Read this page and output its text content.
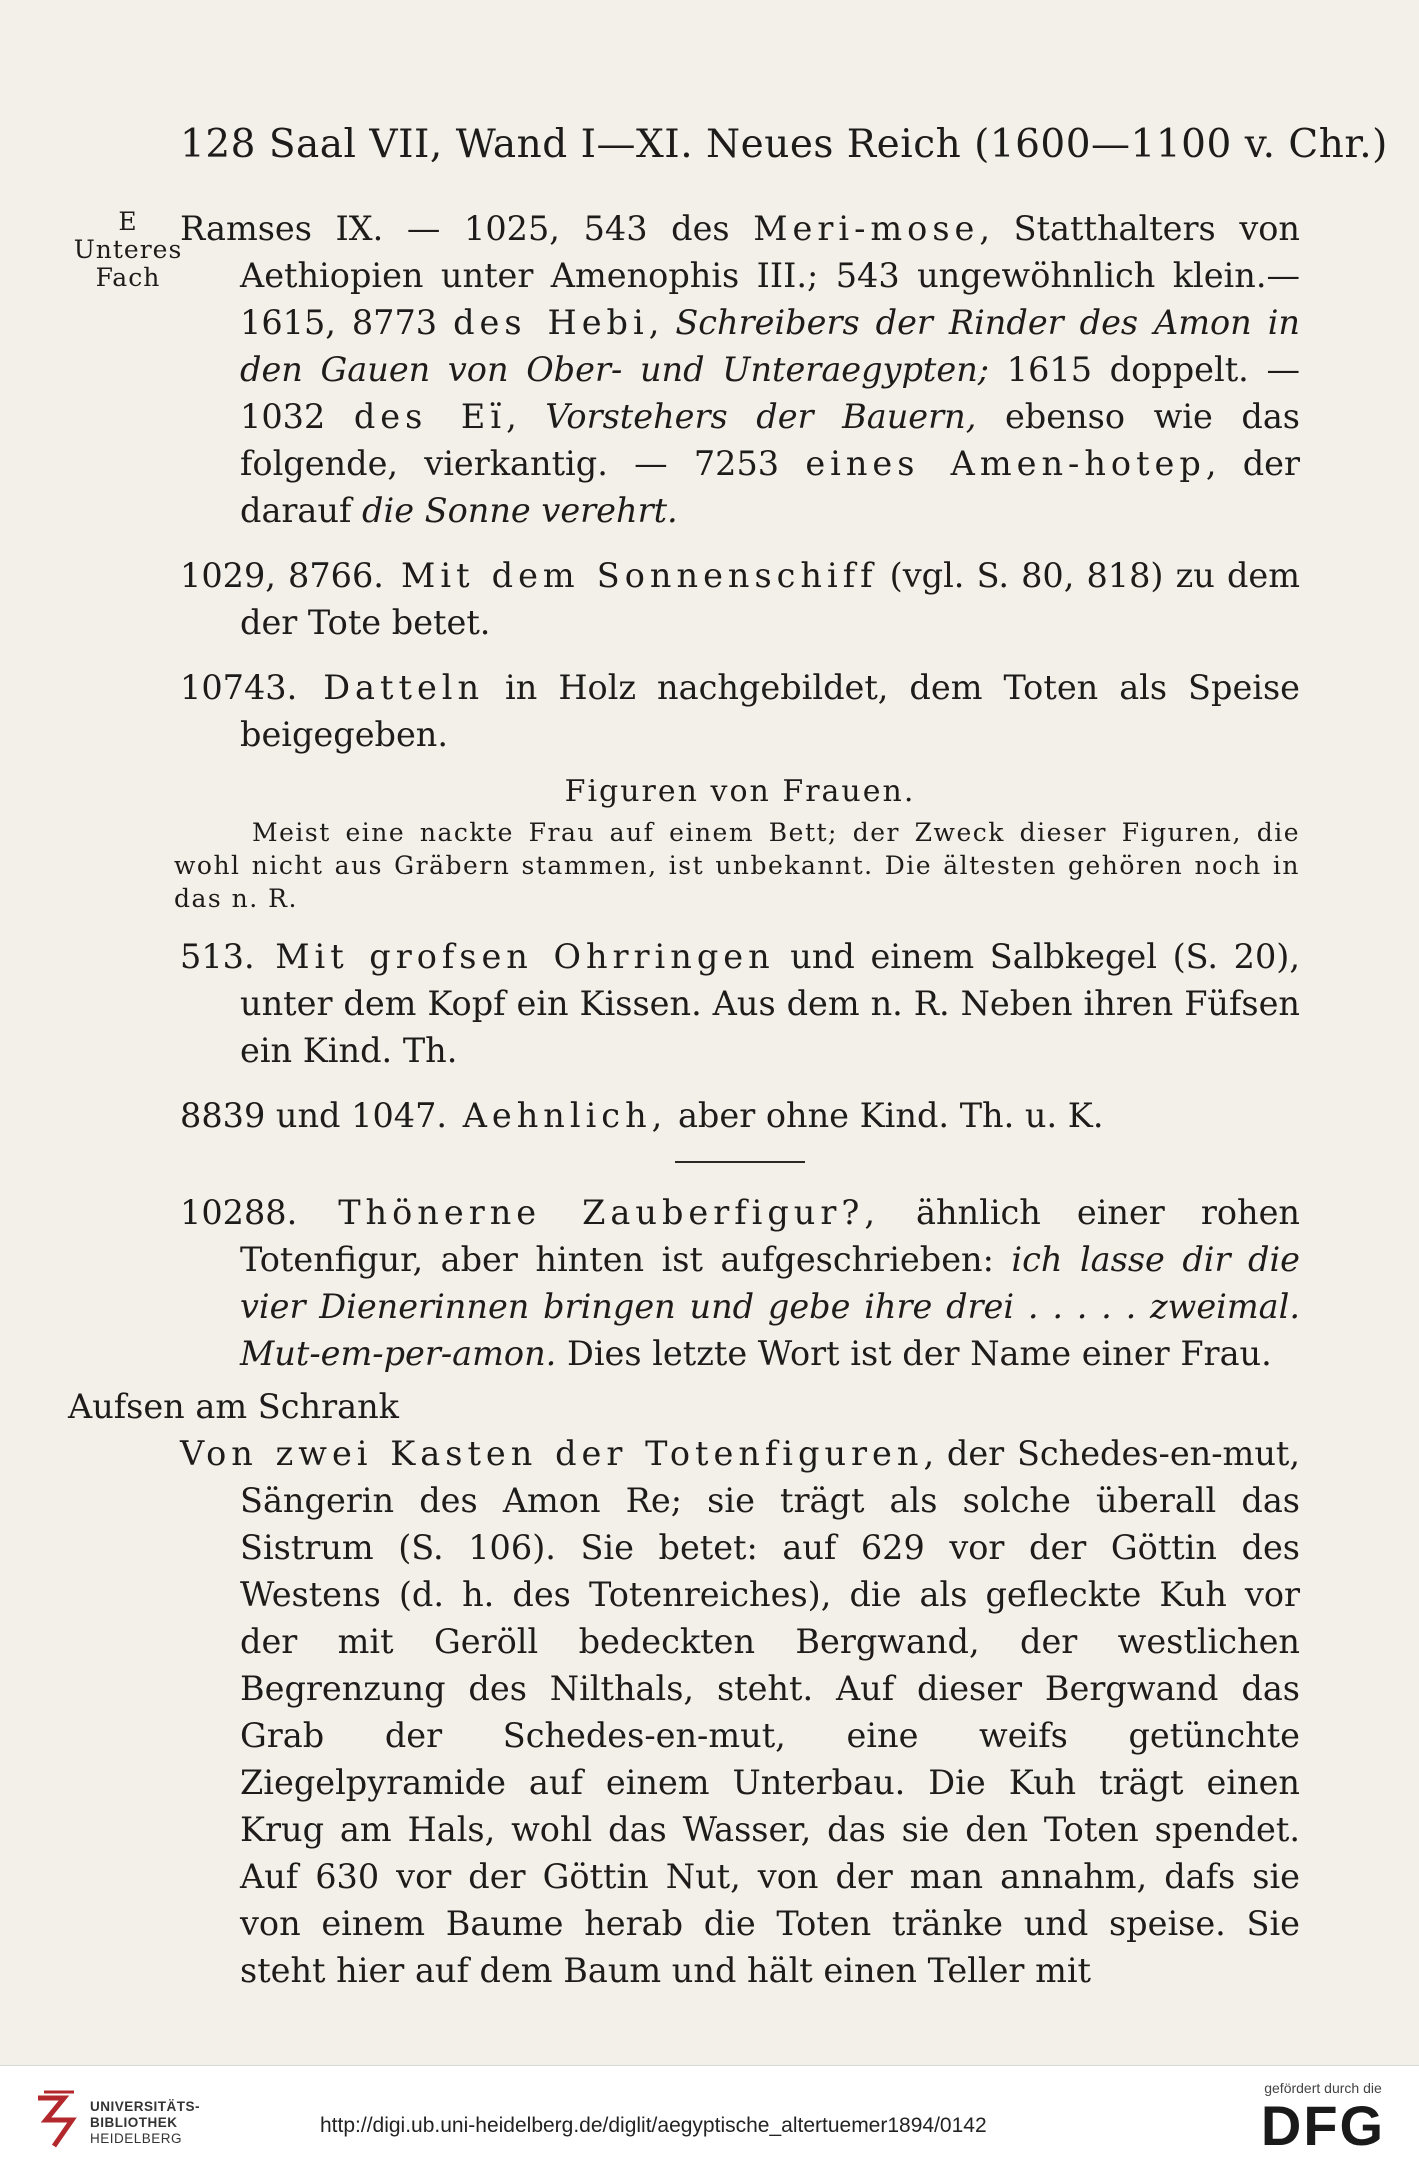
128 Saal VII, Wand I—XI. Neues Reich (1600—1100 v. Chr.)
E
Unteres
Fach

Ramses IX. — 1025, 543 des Meri-mose, Statthalters von Aethiopien unter Amenophis III.; 543 ungewöhnlich klein.— 1615, 8773 des Hebi, Schreibers der Rinder des Amon in den Gauen von Ober- und Unteraegypten; 1615 doppelt. — 1032 des Eï, Vorstehers der Bauern, ebenso wie das folgende, vierkantig. — 7253 eines Amen-hotep, der darauf die Sonne verehrt.

1029, 8766. Mit dem Sonnenschiff (vgl. S. 80, 818) zu dem der Tote betet.

10743. Datteln in Holz nachgebildet, dem Toten als Speise beigegeben.

Figuren von Frauen.

Meist eine nackte Frau auf einem Bett; der Zweck dieser Figuren, die wohl nicht aus Gräbern stammen, ist unbekannt. Die ältesten gehören noch in das n. R.

513. Mit grofsen Ohrringen und einem Salbkegel (S. 20), unter dem Kopf ein Kissen. Aus dem n. R. Neben ihren Füfsen ein Kind. Th.

8839 und 1047. Aehnlich, aber ohne Kind. Th. u. K.

10288. Thönerne Zauberfigur?, ähnlich einer rohen Totenfigur, aber hinten ist aufgeschrieben: ich lasse dir die vier Dienerinnen bringen und gebe ihre drei . . . . . zweimal. Mut-em-per-amon. Dies letzte Wort ist der Name einer Frau.

Aufsen am Schrank

Von zwei Kasten der Totenfiguren, der Schedes-en-mut, Sängerin des Amon Re; sie trägt als solche überall das Sistrum (S. 106). Sie betet: auf 629 vor der Göttin des Westens (d. h. des Totenreiches), die als gefleckte Kuh vor der mit Geröll bedeckten Bergwand, der westlichen Begrenzung des Nilthals, steht. Auf dieser Bergwand das Grab der Schedes-en-mut, eine weifs getünchte Ziegelpyramide auf einem Unterbau. Die Kuh trägt einen Krug am Hals, wohl das Wasser, das sie den Toten spendet. Auf 630 vor der Göttin Nut, von der man annahm, dafs sie von einem Baume herab die Toten tränke und speise. Sie steht hier auf dem Baum und hält einen Teller mit

UNIVERSITÄTS-
BIBLIOTHEK
HEIDELBERG
http://digi.ub.uni-heidelberg.de/diglit/aegyptische_altertuemer1894/0142
gefördert durch die
DFG
